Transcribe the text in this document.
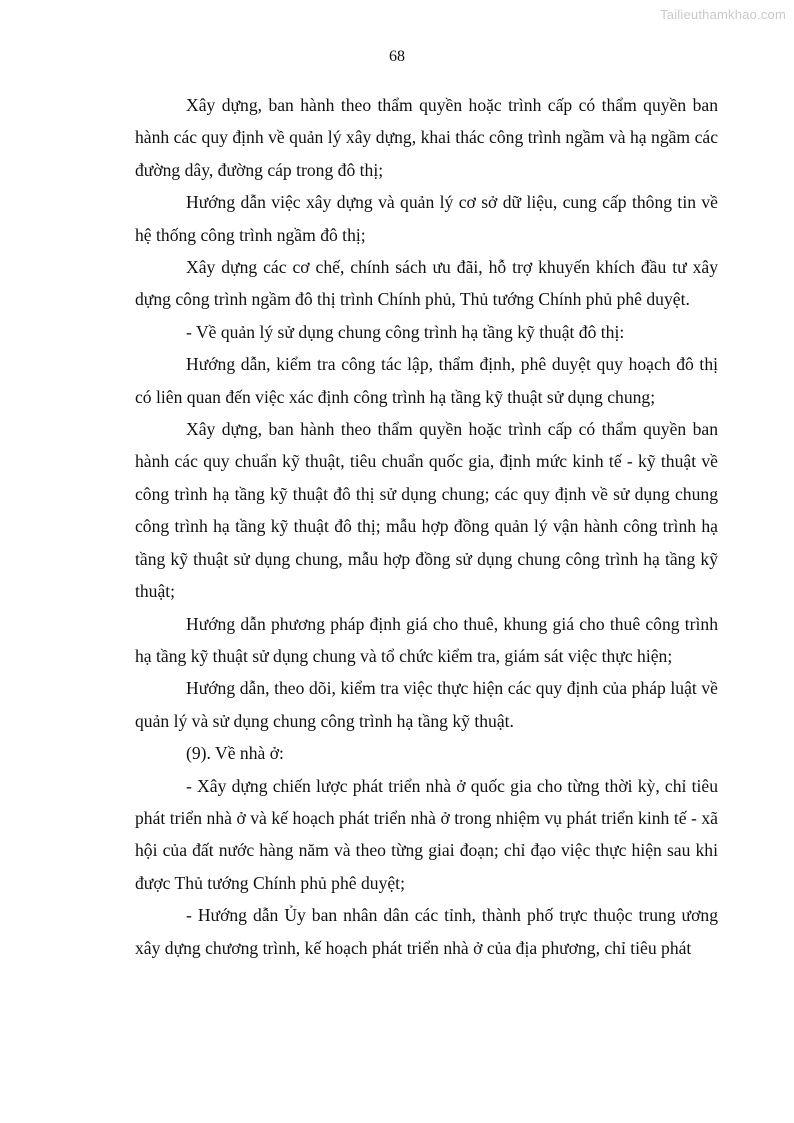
Tailieuthamkhao.com
68

Xây dựng, ban hành theo thẩm quyền hoặc trình cấp có thẩm quyền ban hành các quy định về quản lý xây dựng, khai thác công trình ngầm và hạ ngầm các đường dây, đường cáp trong đô thị;

Hướng dẫn việc xây dựng và quản lý cơ sở dữ liệu, cung cấp thông tin về hệ thống công trình ngầm đô thị;

Xây dựng các cơ chế, chính sách ưu đãi, hỗ trợ khuyến khích đầu tư xây dựng công trình ngầm đô thị trình Chính phủ, Thủ tướng Chính phủ phê duyệt.

- Về quản lý sử dụng chung công trình hạ tầng kỹ thuật đô thị:

Hướng dẫn, kiểm tra công tác lập, thẩm định, phê duyệt quy hoạch đô thị có liên quan đến việc xác định công trình hạ tầng kỹ thuật sử dụng chung;

Xây dựng, ban hành theo thẩm quyền hoặc trình cấp có thẩm quyền ban hành các quy chuẩn kỹ thuật, tiêu chuẩn quốc gia, định mức kinh tế - kỹ thuật về công trình hạ tầng kỹ thuật đô thị sử dụng chung; các quy định về sử dụng chung công trình hạ tầng kỹ thuật đô thị; mẫu hợp đồng quản lý vận hành công trình hạ tầng kỹ thuật sử dụng chung, mẫu hợp đồng sử dụng chung công trình hạ tầng kỹ thuật;

Hướng dẫn phương pháp định giá cho thuê, khung giá cho thuê công trình hạ tầng kỹ thuật sử dụng chung và tổ chức kiểm tra, giám sát việc thực hiện;

Hướng dẫn, theo dõi, kiểm tra việc thực hiện các quy định của pháp luật về quản lý và sử dụng chung công trình hạ tầng kỹ thuật.

(9). Về nhà ở:

- Xây dựng chiến lược phát triển nhà ở quốc gia cho từng thời kỳ, chỉ tiêu phát triển nhà ở và kế hoạch phát triển nhà ở trong nhiệm vụ phát triển kinh tế - xã hội của đất nước hàng năm và theo từng giai đoạn; chỉ đạo việc thực hiện sau khi được Thủ tướng Chính phủ phê duyệt;

- Hướng dẫn Ủy ban nhân dân các tỉnh, thành phố trực thuộc trung ương xây dựng chương trình, kế hoạch phát triển nhà ở của địa phương, chỉ tiêu phát
